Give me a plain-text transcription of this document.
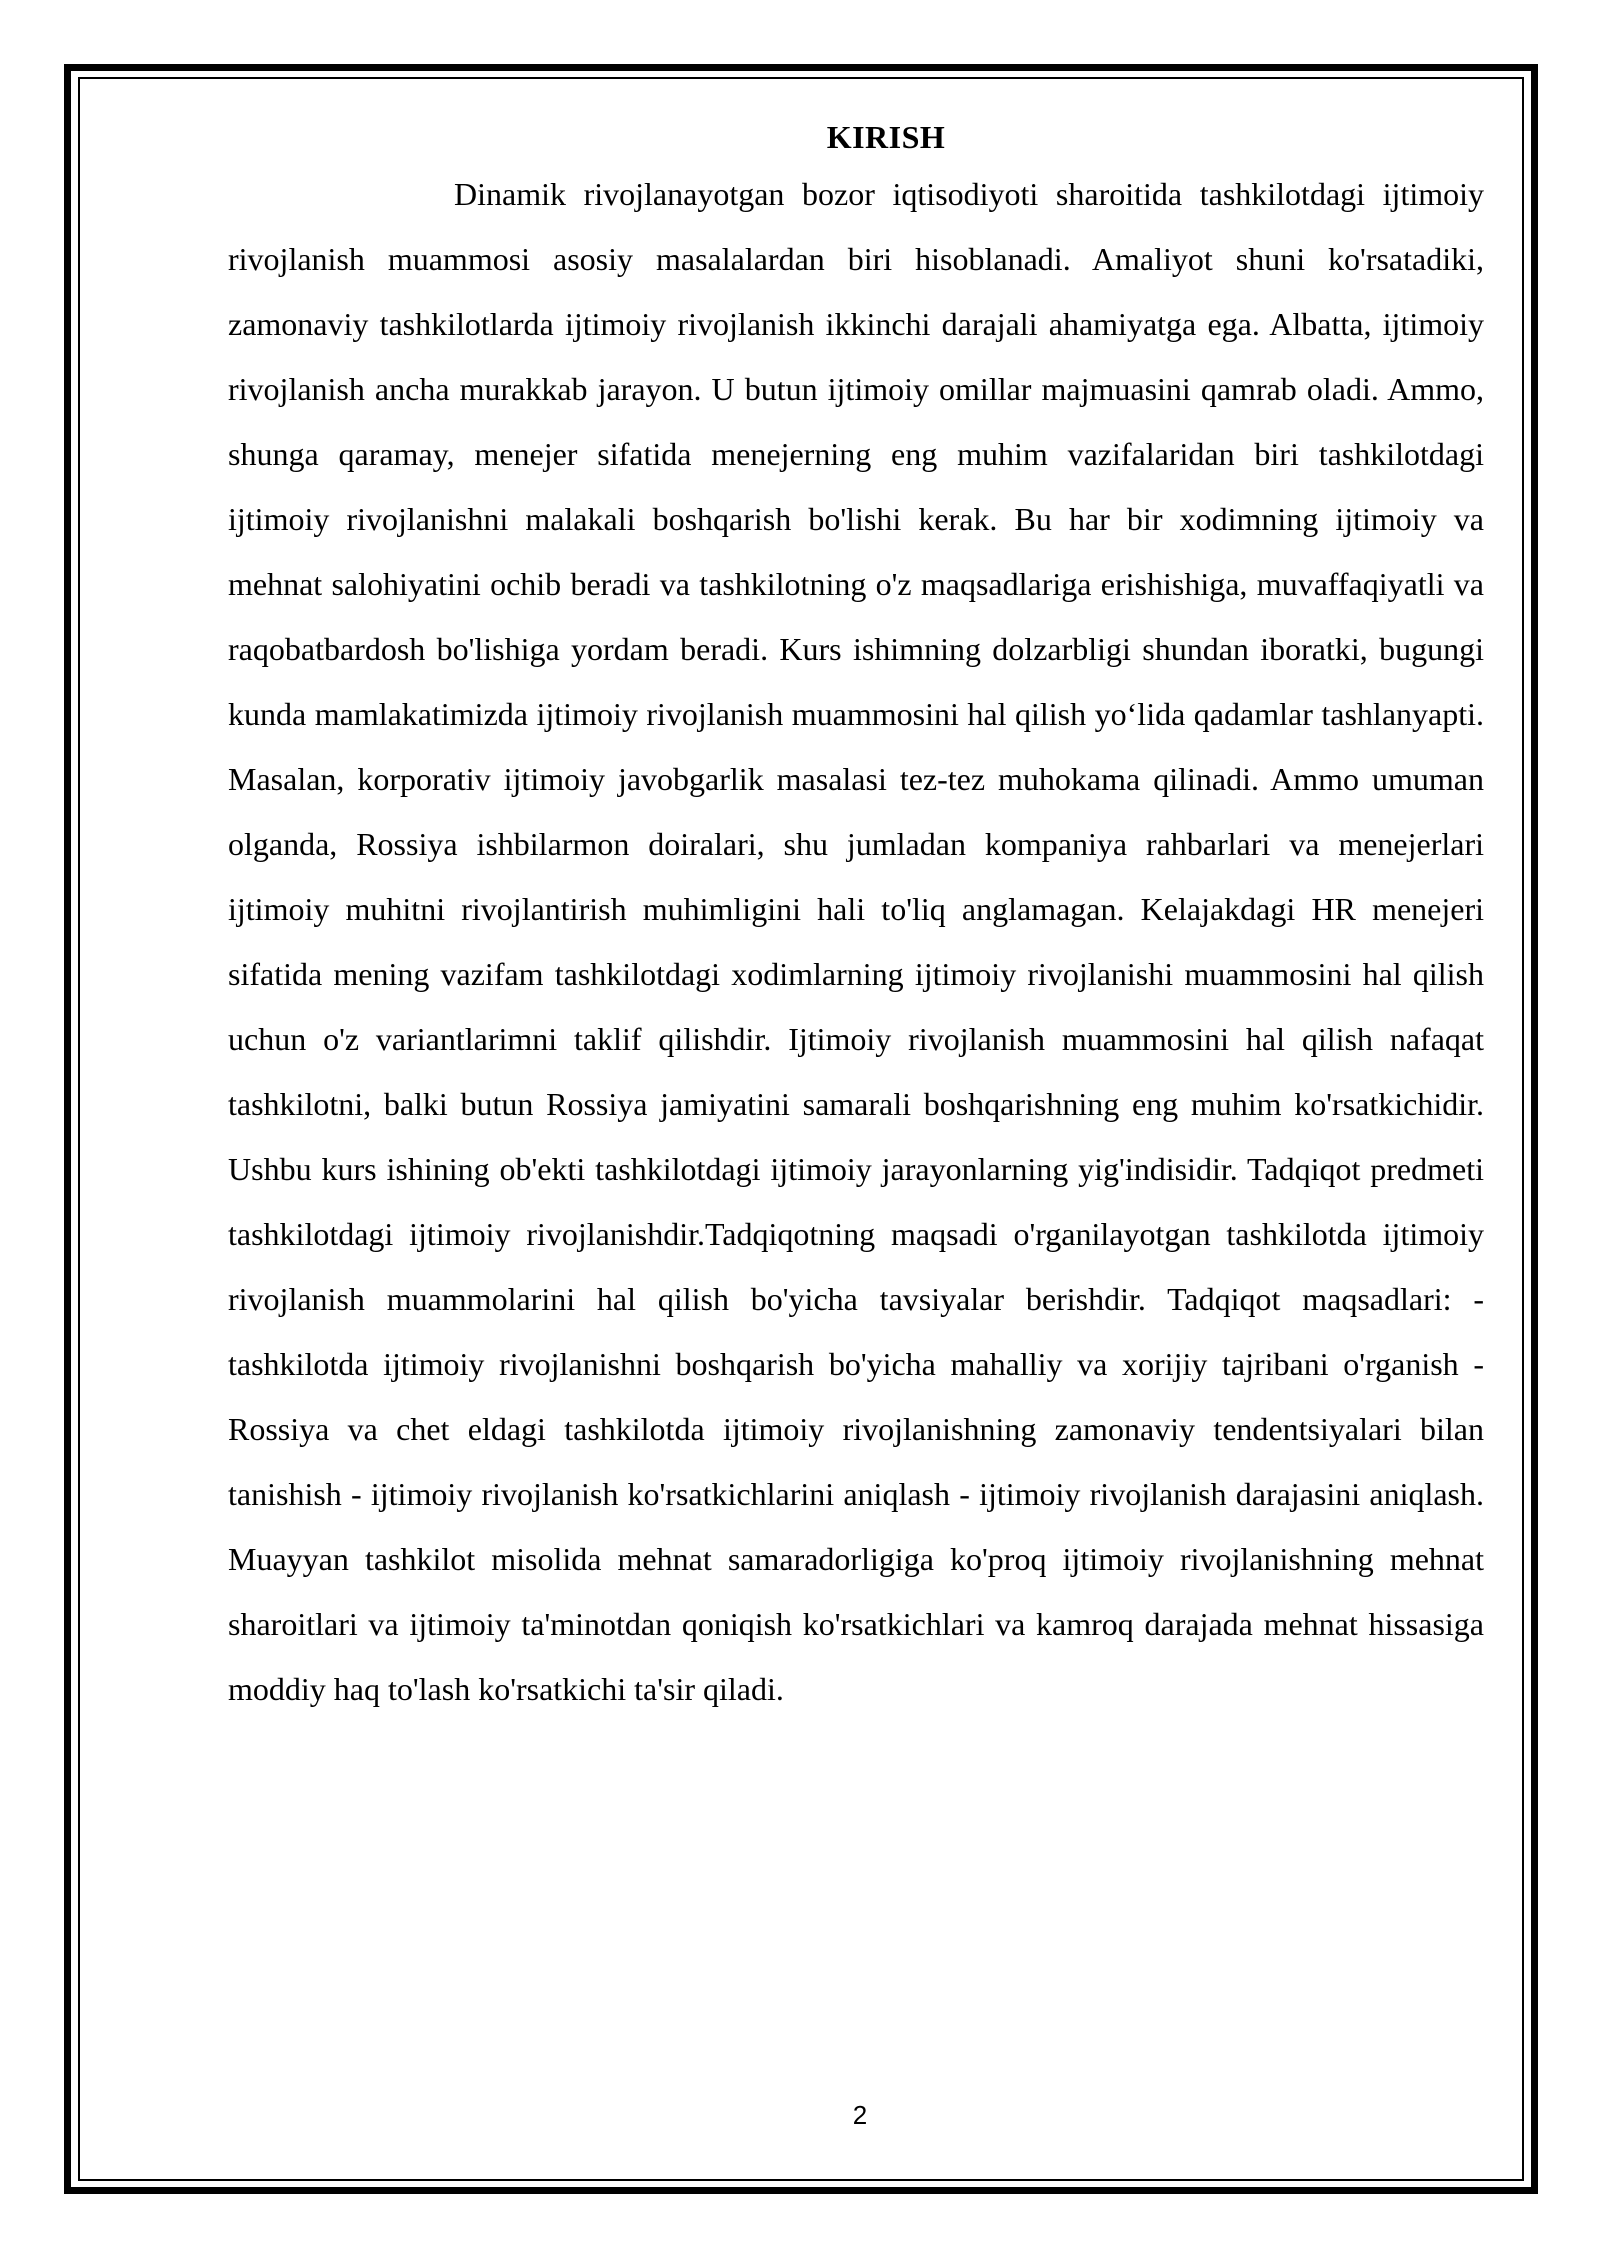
KIRISH

Dinamik rivojlanayotgan bozor iqtisodiyoti sharoitida tashkilotdagi ijtimoiy rivojlanish muammosi asosiy masalalardan biri hisoblanadi. Amaliyot shuni ko'rsatadiki, zamonaviy tashkilotlarda ijtimoiy rivojlanish ikkinchi darajali ahamiyatga ega. Albatta, ijtimoiy rivojlanish ancha murakkab jarayon. U butun ijtimoiy omillar majmuasini qamrab oladi. Ammo, shunga qaramay, menejer sifatida menejerning eng muhim vazifalaridan biri tashkilotdagi ijtimoiy rivojlanishni malakali boshqarish bo'lishi kerak. Bu har bir xodimning ijtimoiy va mehnat salohiyatini ochib beradi va tashkilotning o'z maqsadlariga erishishiga, muvaffaqiyatli va raqobatbardosh bo'lishiga yordam beradi. Kurs ishimning dolzarbligi shundan iboratki, bugungi kunda mamlakatimizda ijtimoiy rivojlanish muammosini hal qilish yo‘lida qadamlar tashlanyapti. Masalan, korporativ ijtimoiy javobgarlik masalasi tez-tez muhokama qilinadi. Ammo umuman olganda, Rossiya ishbilarmon doiralari, shu jumladan kompaniya rahbarlari va menejerlari ijtimoiy muhitni rivojlantirish muhimligini hali to'liq anglamagan. Kelajakdagi HR menejeri sifatida mening vazifam tashkilotdagi xodimlarning ijtimoiy rivojlanishi muammosini hal qilish uchun o'z variantlarimni taklif qilishdir. Ijtimoiy rivojlanish muammosini hal qilish nafaqat tashkilotni, balki butun Rossiya jamiyatini samarali boshqarishning eng muhim ko'rsatkichidir. Ushbu kurs ishining ob'ekti tashkilotdagi ijtimoiy jarayonlarning yig'indisidir. Tadqiqot predmeti tashkilotdagi ijtimoiy rivojlanishdir.Tadqiqotning maqsadi o'rganilayotgan tashkilotda ijtimoiy rivojlanish muammolarini hal qilish bo'yicha tavsiyalar berishdir. Tadqiqot maqsadlari: - tashkilotda ijtimoiy rivojlanishni boshqarish bo'yicha mahalliy va xorijiy tajribani o'rganish - Rossiya va chet eldagi tashkilotda ijtimoiy rivojlanishning zamonaviy tendentsiyalari bilan tanishish - ijtimoiy rivojlanish ko'rsatkichlarini aniqlash - ijtimoiy rivojlanish darajasini aniqlash. Muayyan tashkilot misolida mehnat samaradorligiga ko'proq ijtimoiy rivojlanishning mehnat sharoitlari va ijtimoiy ta'minotdan qoniqish ko'rsatkichlari va kamroq darajada mehnat hissasiga moddiy haq to'lash ko'rsatkichi ta'sir qiladi.

2
